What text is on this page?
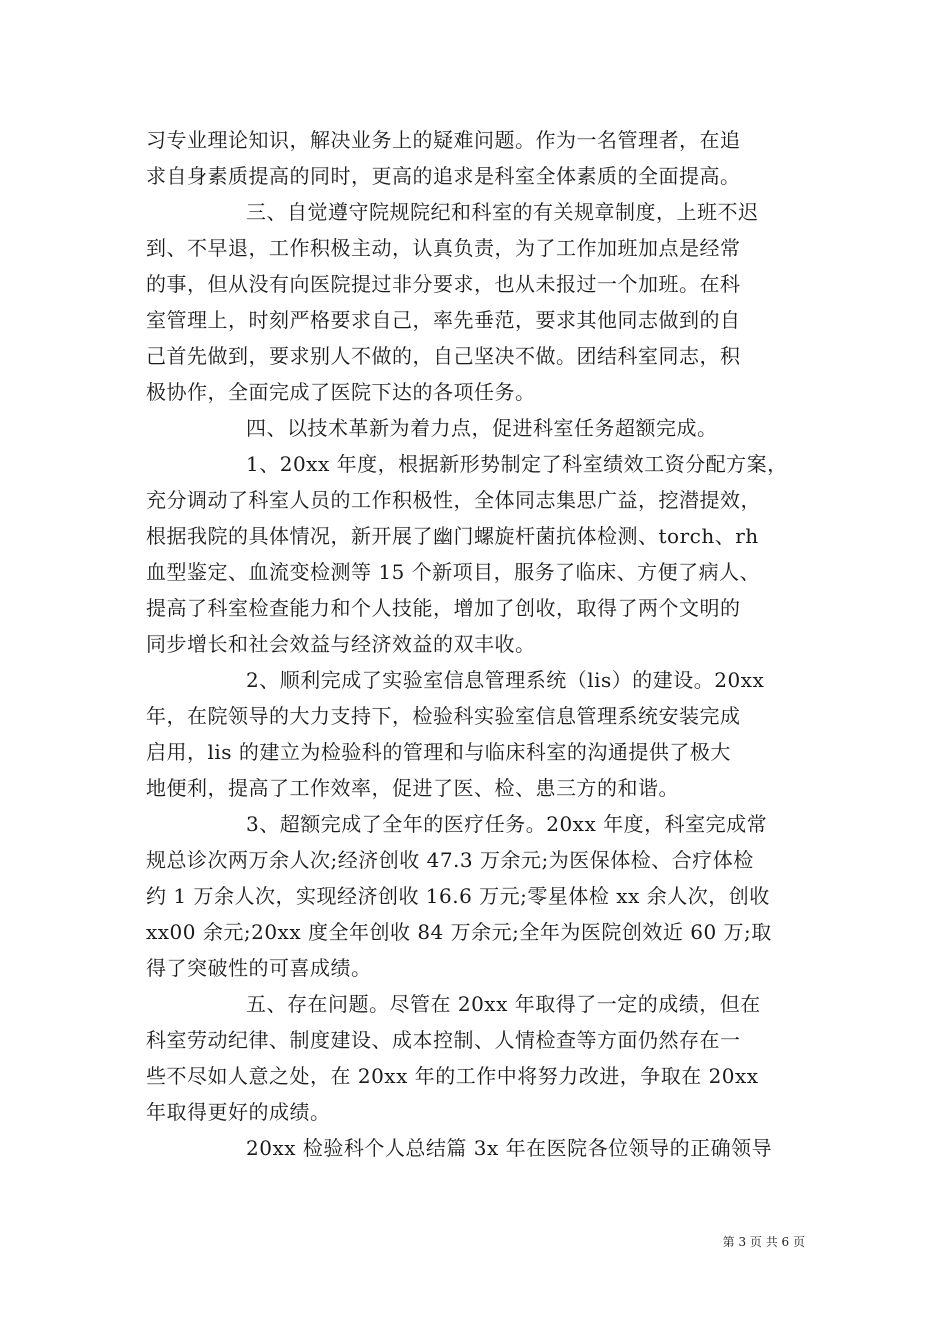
习专业理论知识，解决业务上的疑难问题。作为一名管理者，在追
求自身素质提高的同时，更高的追求是科室全体素质的全面提高。
三、自觉遵守院规院纪和科室的有关规章制度，上班不迟
到、不早退，工作积极主动，认真负责，为了工作加班加点是经常
的事，但从没有向医院提过非分要求，也从未报过一个加班。在科
室管理上，时刻严格要求自己，率先垂范，要求其他同志做到的自
己首先做到，要求别人不做的，自己坚决不做。团结科室同志，积
极协作，全面完成了医院下达的各项任务。
四、以技术革新为着力点，促进科室任务超额完成。
1、20xx 年度，根据新形势制定了科室绩效工资分配方案，
充分调动了科室人员的工作积极性，全体同志集思广益，挖潜提效，
根据我院的具体情况，新开展了幽门螺旋杆菌抗体检测、torch、rh
血型鉴定、血流变检测等 15 个新项目，服务了临床、方便了病人、
提高了科室检查能力和个人技能，增加了创收，取得了两个文明的
同步增长和社会效益与经济效益的双丰收。
2、顺利完成了实验室信息管理系统（lis）的建设。20xx
年，在院领导的大力支持下，检验科实验室信息管理系统安装完成
启用，lis 的建立为检验科的管理和与临床科室的沟通提供了极大
地便利，提高了工作效率，促进了医、检、患三方的和谐。
3、超额完成了全年的医疗任务。20xx 年度，科室完成常
规总诊次两万余人次;经济创收 47.3 万余元;为医保体检、合疗体检
约 1 万余人次，实现经济创收 16.6 万元;零星体检 xx 余人次，创收
xx00 余元;20xx 度全年创收 84 万余元;全年为医院创效近 60 万;取
得了突破性的可喜成绩。
五、存在问题。尽管在 20xx 年取得了一定的成绩，但在
科室劳动纪律、制度建设、成本控制、人情检查等方面仍然存在一
些不尽如人意之处，在 20xx 年的工作中将努力改进，争取在 20xx
年取得更好的成绩。
20xx 检验科个人总结篇 3x 年在医院各位领导的正确领导
第 3 页 共 6 页
